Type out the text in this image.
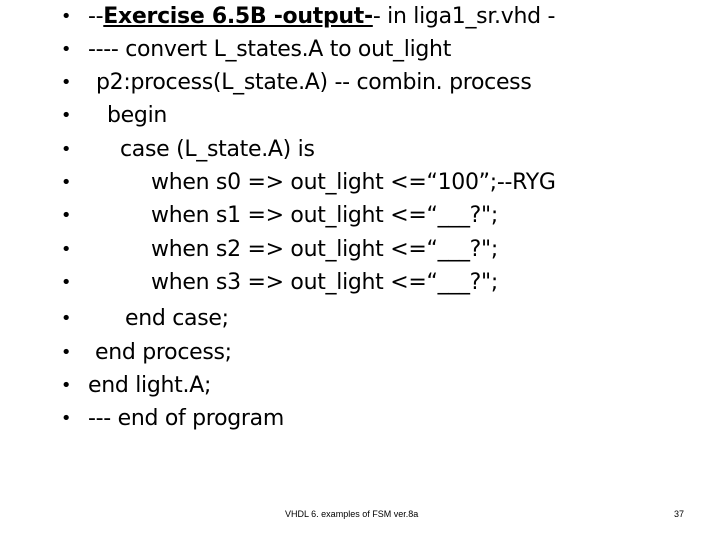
•

--Exercise 6.5B -output-- in liga1_sr.vhd -

•

---- convert L_states.A to out_light

•

p2:process(L_state.A) -- combin. process

•

begin

•

case (L_state.A) is

•

	when s0 => out_light <=“100”;--RYG

•

	when s1 => out_light <=“___?";

•

	when s2 => out_light <=“___?";

•

	when s3 => out_light <=“___?";

•

end case;

•

end process;

•

end light.A;

•

--- end of program

VHDL 6. examples of FSM ver.8a	37
